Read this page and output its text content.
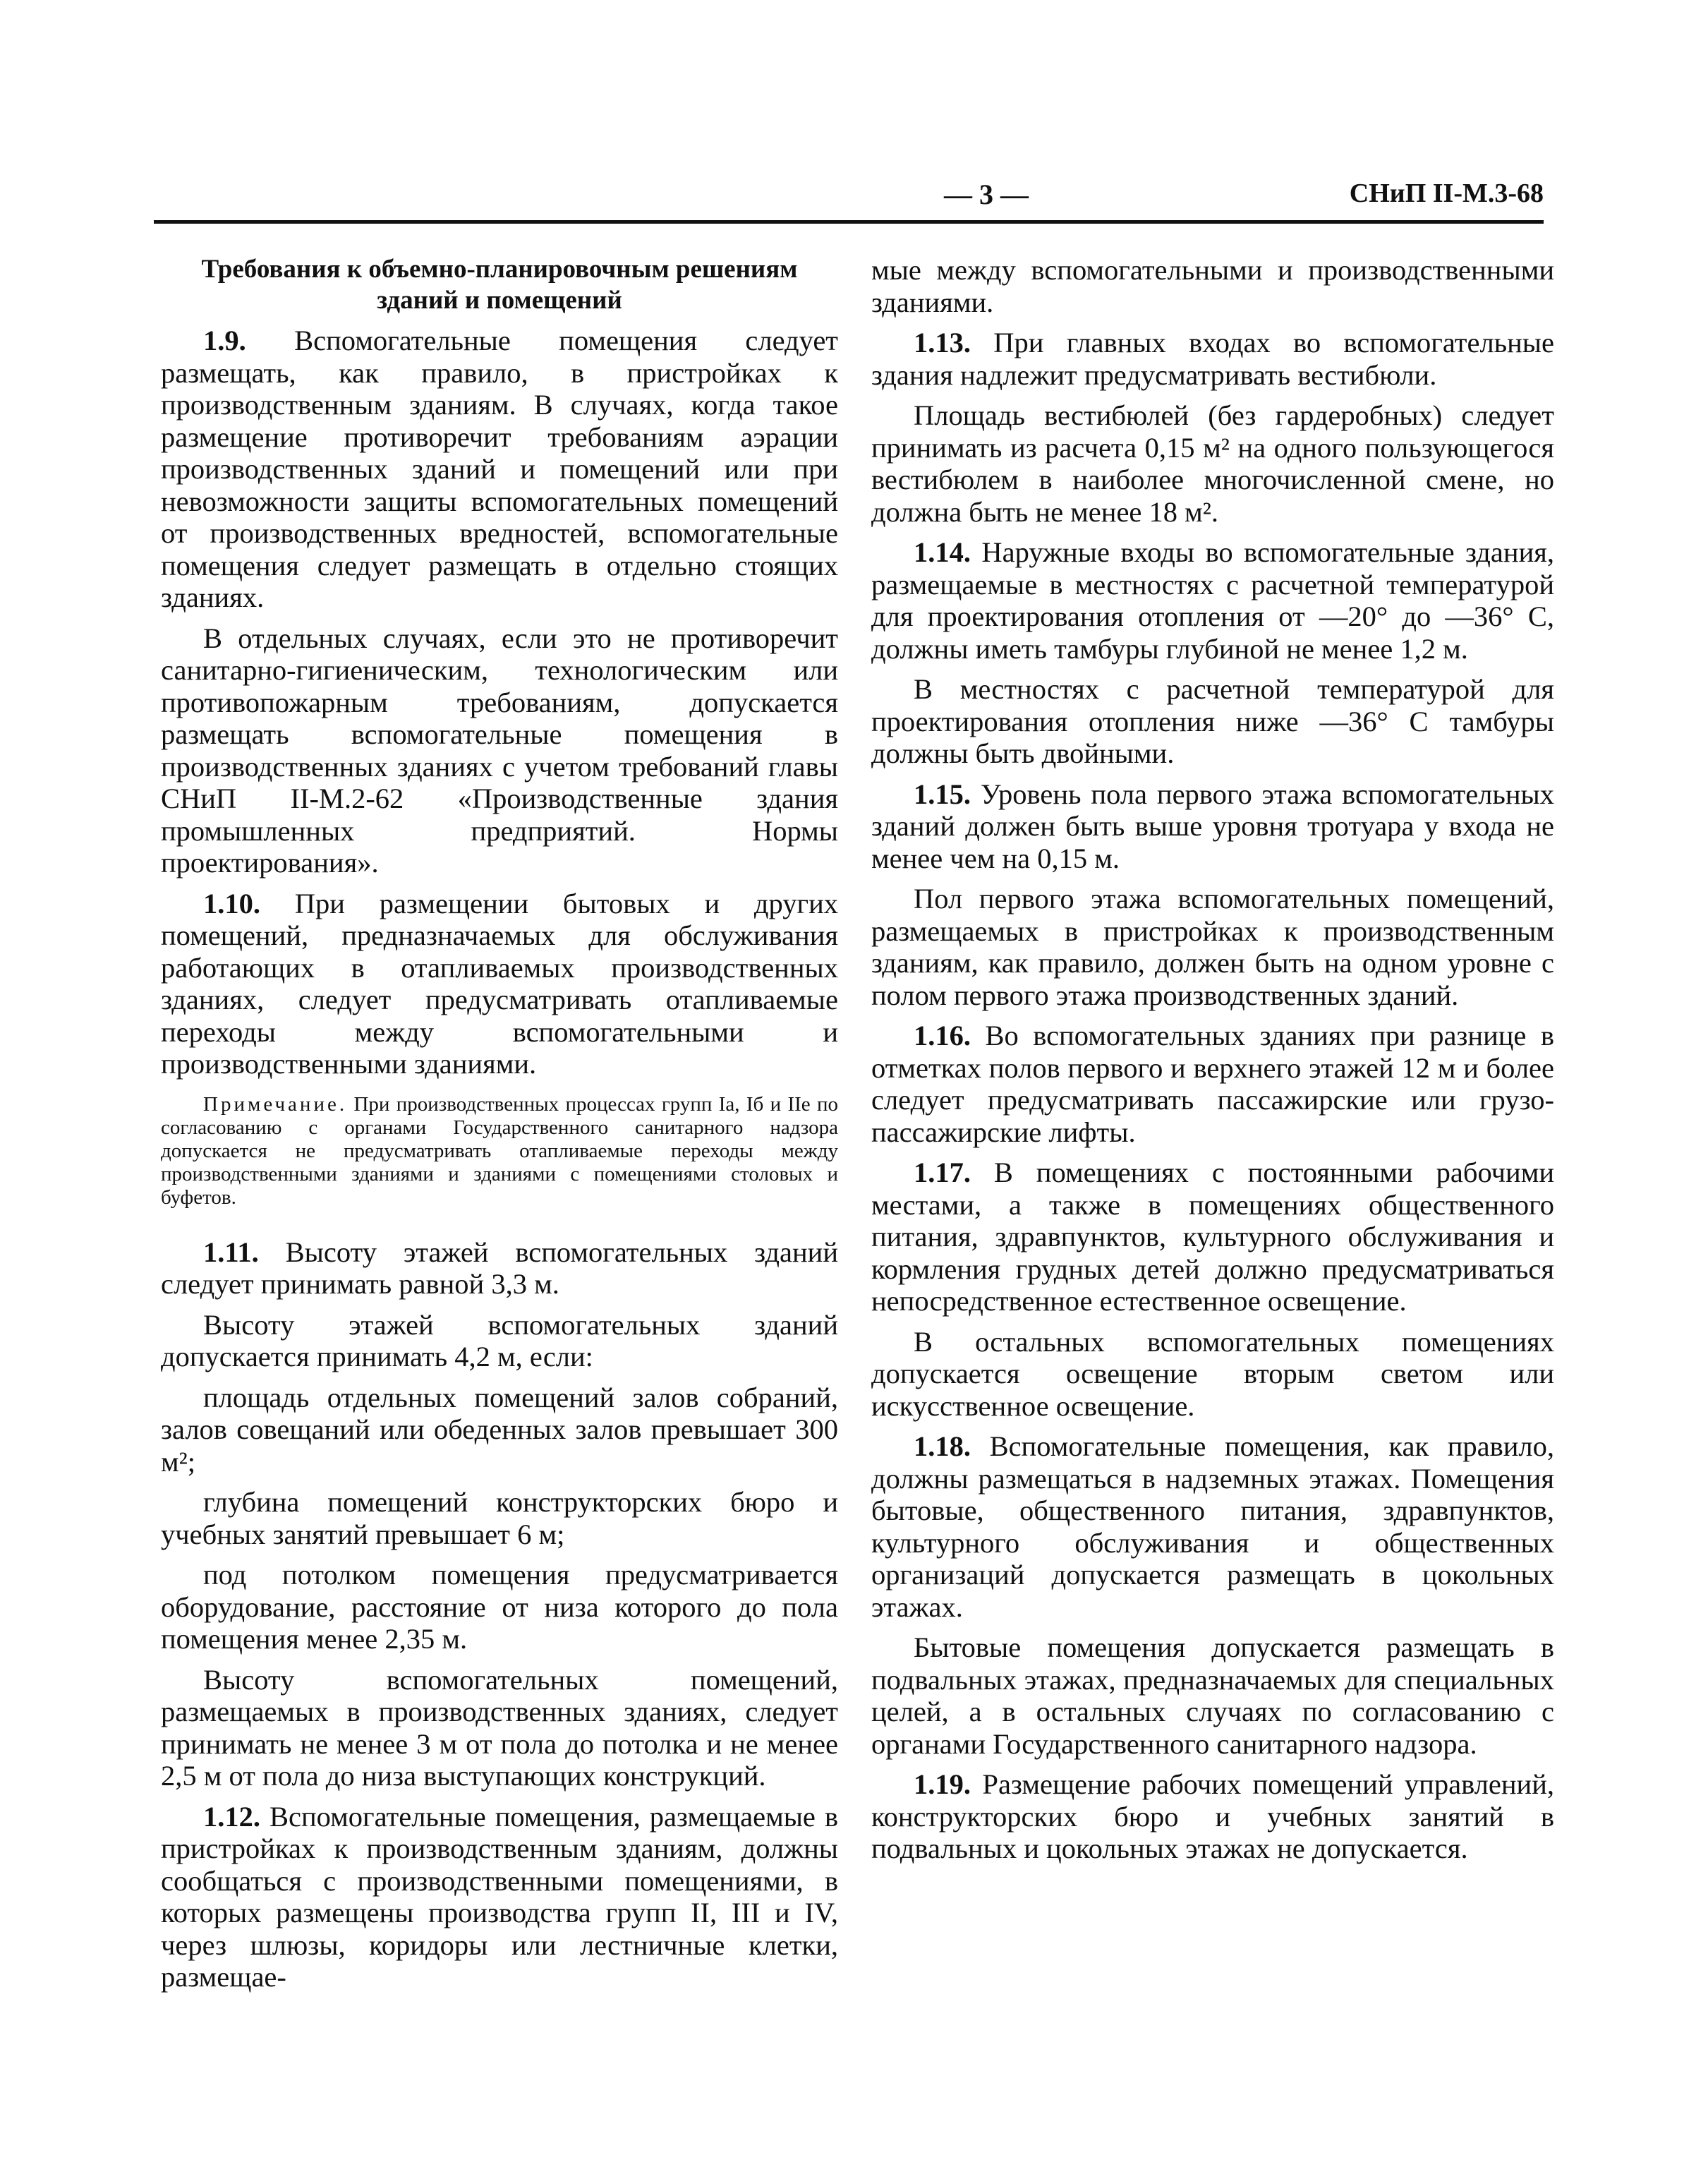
— 3 —	СНиП II-М.3-68

Требования к объемно-планировочным решениям зданий и помещений

1.9. Вспомогательные помещения следует размещать, как правило, в пристройках к производственным зданиям. В случаях, когда такое размещение противоречит требованиям аэрации производственных зданий и помещений или при невозможности защиты вспомогательных помещений от производственных вредностей, вспомогательные помещения следует размещать в отдельно стоящих зданиях.

В отдельных случаях, если это не противоречит санитарно-гигиеническим, технологическим или противопожарным требованиям, допускается размещать вспомогательные помещения в производственных зданиях с учетом требований главы СНиП II-М.2-62 «Производственные здания промышленных предприятий. Нормы проектирования».

1.10. При размещении бытовых и других помещений, предназначаемых для обслуживания работающих в отапливаемых производственных зданиях, следует предусматривать отапливаемые переходы между вспомогательными и производственными зданиями.

Примечание. При производственных процессах групп Iа, Iб и IIе по согласованию с органами Государственного санитарного надзора допускается не предусматривать отапливаемые переходы между производственными зданиями и зданиями с помещениями столовых и буфетов.

1.11. Высоту этажей вспомогательных зданий следует принимать равной 3,3 м.

Высоту этажей вспомогательных зданий допускается принимать 4,2 м, если:

площадь отдельных помещений залов собраний, залов совещаний или обеденных залов превышает 300 м²;

глубина помещений конструкторских бюро и учебных занятий превышает 6 м;

под потолком помещения предусматривается оборудование, расстояние от низа которого до пола помещения менее 2,35 м.

Высоту вспомогательных помещений, размещаемых в производственных зданиях, следует принимать не менее 3 м от пола до потолка и не менее 2,5 м от пола до низа выступающих конструкций.

1.12. Вспомогательные помещения, размещаемые в пристройках к производственным зданиям, должны сообщаться с производственными помещениями, в которых размещены производства групп II, III и IV, через шлюзы, коридоры или лестничные клетки, размещае-

мые между вспомогательными и производственными зданиями.

1.13. При главных входах во вспомогательные здания надлежит предусматривать вестибюли.

Площадь вестибюлей (без гардеробных) следует принимать из расчета 0,15 м² на одного пользующегося вестибюлем в наиболее многочисленной смене, но должна быть не менее 18 м².

1.14. Наружные входы во вспомогательные здания, размещаемые в местностях с расчетной температурой для проектирования отопления от —20° до —36° С, должны иметь тамбуры глубиной не менее 1,2 м.

В местностях с расчетной температурой для проектирования отопления ниже —36° С тамбуры должны быть двойными.

1.15. Уровень пола первого этажа вспомогательных зданий должен быть выше уровня тротуара у входа не менее чем на 0,15 м.

Пол первого этажа вспомогательных помещений, размещаемых в пристройках к производственным зданиям, как правило, должен быть на одном уровне с полом первого этажа производственных зданий.

1.16. Во вспомогательных зданиях при разнице в отметках полов первого и верхнего этажей 12 м и более следует предусматривать пассажирские или грузо-пассажирские лифты.

1.17. В помещениях с постоянными рабочими местами, а также в помещениях общественного питания, здравпунктов, культурного обслуживания и кормления грудных детей должно предусматриваться непосредственное естественное освещение.

В остальных вспомогательных помещениях допускается освещение вторым светом или искусственное освещение.

1.18. Вспомогательные помещения, как правило, должны размещаться в надземных этажах. Помещения бытовые, общественного питания, здравпунктов, культурного обслуживания и общественных организаций допускается размещать в цокольных этажах.

Бытовые помещения допускается размещать в подвальных этажах, предназначаемых для специальных целей, а в остальных случаях по согласованию с органами Государственного санитарного надзора.

1.19. Размещение рабочих помещений управлений, конструкторских бюро и учебных занятий в подвальных и цокольных этажах не допускается.
